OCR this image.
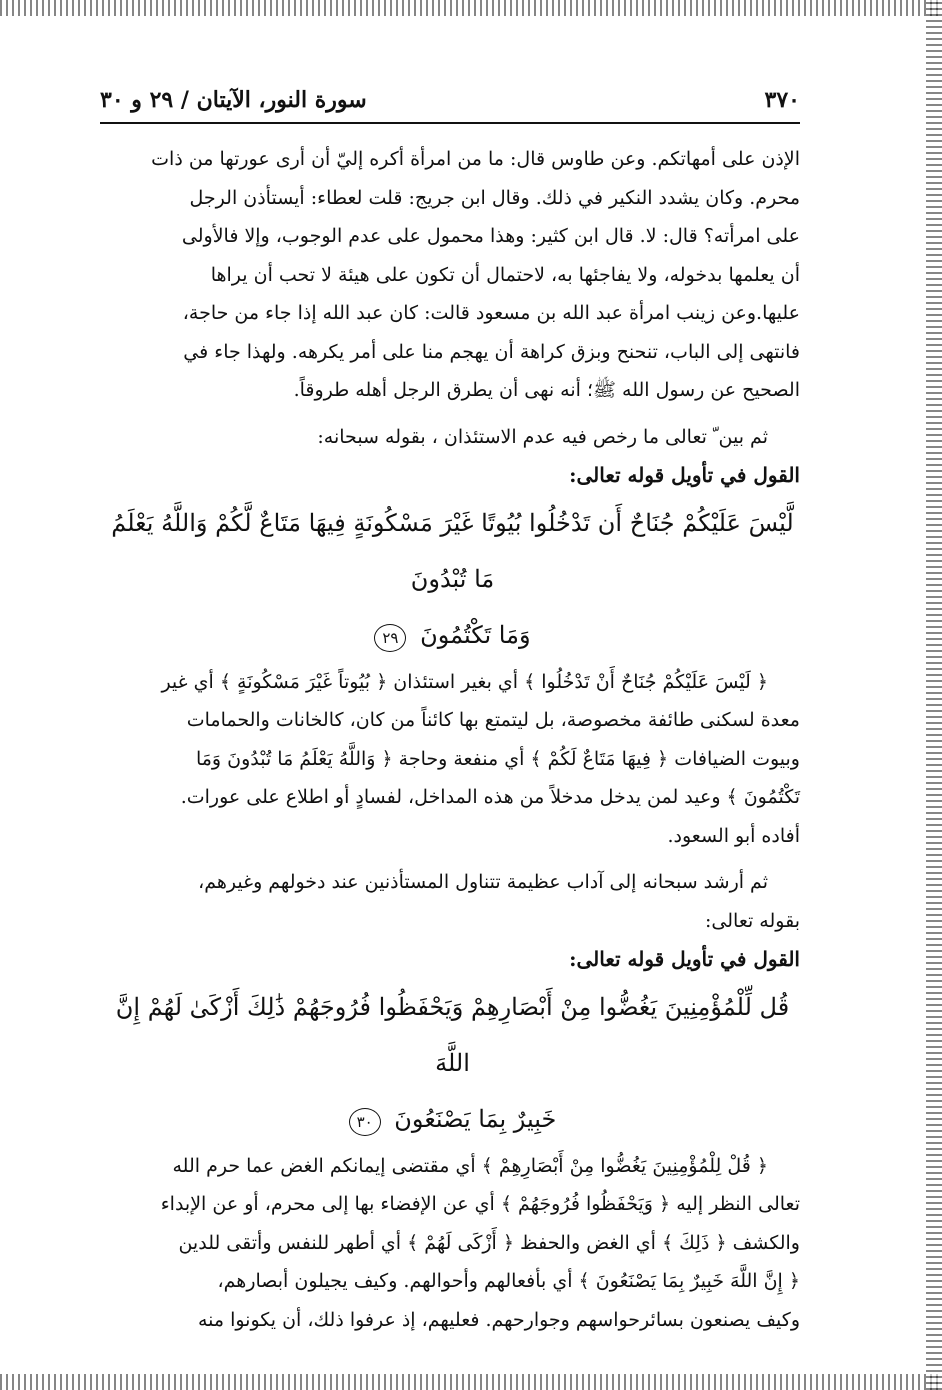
٣٧٠
سورة النور، الآيتان / ٢٩ و ٣٠

الإذن على أمهاتكم. وعن طاوس قال: ما من امرأة أكره إليّ أن أرى عورتها من ذات

محرم. وكان يشدد النكير في ذلك. وقال ابن جريج: قلت لعطاء: أيستأذن الرجل

على امرأته؟ قال: لا. قال ابن كثير: وهذا محمول على عدم الوجوب، وإلا فالأولى

أن يعلمها بدخوله، ولا يفاجئها به، لاحتمال أن تكون على هيئة لا تحب أن يراها

عليها.وعن زينب امرأة عبد الله بن مسعود قالت: كان عبد الله إذا جاء من حاجة،

فانتهى إلى الباب، تنحنح وبزق كراهة أن يهجم منا على أمر يكرهه. ولهذا جاء في

الصحيح عن رسول الله ﷺ؛ أنه نهى أن يطرق الرجل أهله طروقاً.

ثم بين ّ تعالى ما رخص فيه عدم الاستئذان ، بقوله سبحانه:

القول في تأويل قوله تعالى:

لَّيْسَ عَلَيْكُمْ جُنَاحٌ أَن تَدْخُلُوا بُيُوتًا غَيْرَ مَسْكُونَةٍ فِيهَا مَتَاعٌ لَّكُمْ وَاللَّهُ يَعْلَمُ مَا تُبْدُونَ

وَمَا تَكْتُمُونَ ٢٩

﴿ لَيْسَ عَلَيْكُمْ جُنَاحٌ أَنْ تَدْخُلُوا ﴾ أي بغير استئذان ﴿ بُيُوتاً غَيْرَ مَسْكُونَةٍ ﴾ أي غير

معدة لسكنى طائفة مخصوصة، بل ليتمتع بها كائناً من كان، كالخانات والحمامات

وبيوت الضيافات ﴿ فِيهَا مَتَاعٌ لَكُمْ ﴾ أي منفعة وحاجة ﴿ وَاللَّهُ يَعْلَمُ مَا تُبْدُونَ وَمَا

تَكْتُمُونَ ﴾ وعيد لمن يدخل مدخلاً من هذه المداخل، لفسادٍ أو اطلاع على عورات.

أفاده أبو السعود.

ثم أرشد سبحانه إلى آداب عظيمة تتناول المستأذنين عند دخولهم وغيرهم،

بقوله تعالى:

القول في تأويل قوله تعالى:

قُل لِّلْمُؤْمِنِينَ يَغُضُّوا مِنْ أَبْصَارِهِمْ وَيَحْفَظُوا فُرُوجَهُمْ ذَٰلِكَ أَزْكَىٰ لَهُمْ إِنَّ اللَّهَ

خَبِيرٌ بِمَا يَصْنَعُونَ ٣٠

﴿ قُلْ لِلْمُؤْمِنِينَ يَغُضُّوا مِنْ أَبْصَارِهِمْ ﴾ أي مقتضى إيمانكم الغض عما حرم الله

تعالى النظر إليه ﴿ وَيَحْفَظُوا فُرُوجَهُمْ ﴾ أي عن الإفضاء بها إلى محرم، أو عن الإبداء

والكشف ﴿ ذَلِكَ ﴾ أي الغض والحفظ ﴿ أَزْكَى لَهُمْ ﴾ أي أطهر للنفس وأتقى للدين

﴿ إِنَّ اللَّهَ خَبِيرٌ بِمَا يَصْنَعُونَ ﴾ أي بأفعالهم وأحوالهم. وكيف يجيلون أبصارهم،

وكيف يصنعون بسائرحواسهم وجوارحهم. فعليهم، إذ عرفوا ذلك، أن يكونوا منه
